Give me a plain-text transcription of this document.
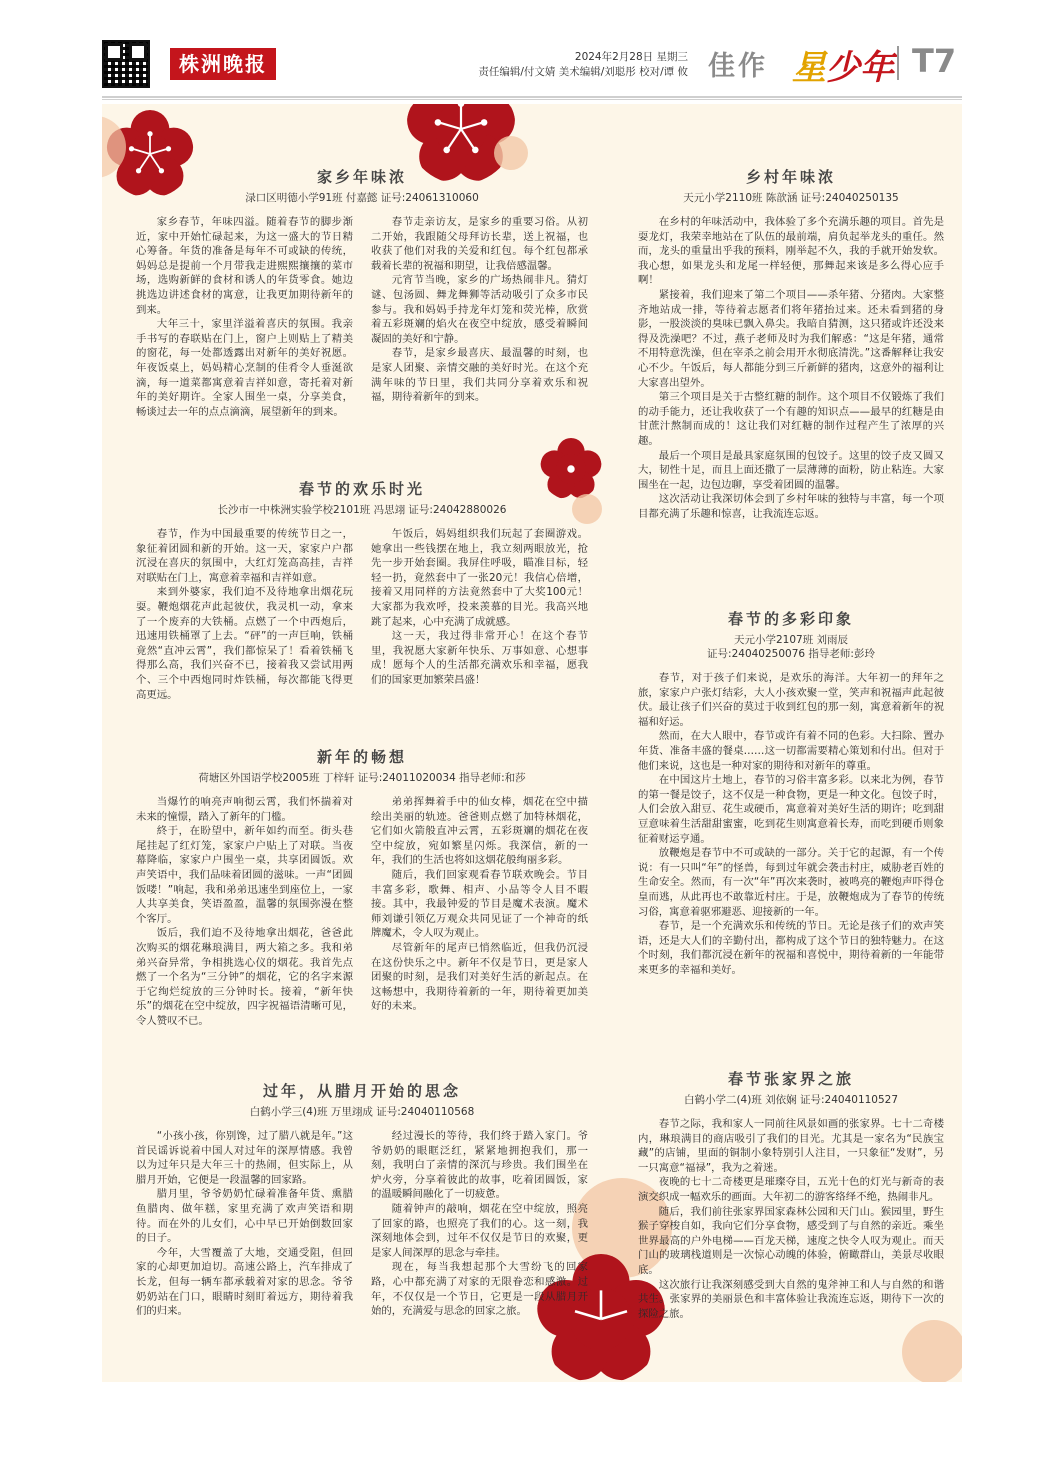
株洲晚报	2024年2月28日 星期三
责任编辑/付文婧 美术编辑/刘聪彤 校对/谭 攸 佳作 星少年 T7
家乡年味浓
渌口区明德小学91班 付嘉懿 证号:24061310060

家乡春节，年味四溢。随着春节的脚步渐近，家中开始忙碌起来，为这一盛大的节日精心筹备。年货的准备是每年不可或缺的传统，妈妈总是提前一个月带我走进熙熙攘攘的菜市场，选购新鲜的食材和诱人的年货零食。她边挑选边讲述食材的寓意，让我更加期待新年的到来。

大年三十，家里洋溢着喜庆的氛围。我亲手书写的春联贴在门上，窗户上则贴上了精美的窗花，每一处都透露出对新年的美好祝愿。年夜饭桌上，妈妈精心烹制的佳肴令人垂涎欲滴，每一道菜都寓意着吉祥如意，寄托着对新年的美好期许。全家人围坐一桌，分享美食，畅谈过去一年的点点滴滴，展望新年的到来。

春节走亲访友，是家乡的重要习俗。从初二开始，我跟随父母拜访长辈，送上祝福，也收获了他们对我的关爱和红包。每个红包都承载着长辈的祝福和期望，让我倍感温馨。

元宵节当晚，家乡的广场热闹非凡。猜灯谜、包汤圆、舞龙舞狮等活动吸引了众多市民参与。我和妈妈手持龙年灯笼和荧光棒，欣赏着五彩斑斓的焰火在夜空中绽放，感受着瞬间凝固的美好和宁静。

春节，是家乡最喜庆、最温馨的时刻，也是家人团聚、亲情交融的美好时光。在这个充满年味的节日里，我们共同分享着欢乐和祝福，期待着新年的到来。

春节的欢乐时光
长沙市一中株洲实验学校2101班 冯思翊 证号:24042880026

春节，作为中国最重要的传统节日之一，象征着团圆和新的开始。这一天，家家户户都沉浸在喜庆的氛围中，大红灯笼高高挂，吉祥对联贴在门上，寓意着幸福和吉祥如意。

来到外婆家，我们迫不及待地拿出烟花玩耍。鞭炮烟花声此起彼伏，我灵机一动，拿来了一个废弃的大铁桶。点燃了一个中西炮后，迅速用铁桶罩了上去。“砰”的一声巨响，铁桶竟然“直冲云霄”，我们都惊呆了！看着铁桶飞得那么高，我们兴奋不已，接着我又尝试用两个、三个中西炮同时炸铁桶，每次都能飞得更高更远。

午饭后，妈妈组织我们玩起了套圈游戏。她拿出一些钱摆在地上，我立刻两眼放光，抢先一步开始套圈。我屏住呼吸，瞄准目标，轻轻一扔，竟然套中了一张20元！我信心倍增，接着又用同样的方法竟然套中了大奖100元！大家都为我欢呼，投来羡慕的目光。我高兴地跳了起来，心中充满了成就感。

这一天，我过得非常开心！在这个春节里，我祝愿大家新年快乐、万事如意、心想事成！愿每个人的生活都充满欢乐和幸福，愿我们的国家更加繁荣昌盛！

新年的畅想
荷塘区外国语学校2005班 丁梓轩 证号:24011020034 指导老师:和莎

当爆竹的响亮声响彻云霄，我们怀揣着对未来的憧憬，踏入了新年的门槛。

終于，在盼望中，新年如约而至。街头巷尾挂起了红灯笼，家家户户贴上了对联。当夜幕降临，家家户户围坐一桌，共享团圆饭。欢声笑语中，我们品味着团圆的滋味。一声“团圆饭喽！”响起，我和弟弟迅速坐到座位上，一家人共享美食，笑语盈盈，温馨的氛围弥漫在整个客厅。

饭后，我们迫不及待地拿出烟花，爸爸此次购买的烟花琳琅满目，两大箱之多。我和弟弟兴奋异常，争相挑选心仪的烟花。我首先点燃了一个名为“三分钟”的烟花，它的名字来源于它绚烂绽放的三分钟时长。接着，“新年快乐”的烟花在空中绽放，四字祝福语清晰可见，令人赞叹不已。

弟弟挥舞着手中的仙女棒，烟花在空中描绘出美丽的轨迹。爸爸则点燃了加特林烟花，它们如火箭般直冲云霄，五彩斑斓的烟花在夜空中绽放，宛如繁星闪烁。我深信，新的一年，我们的生活也将如这烟花般绚丽多彩。

随后，我们回家观看春节联欢晚会。节目丰富多彩，歌舞、相声、小品等令人目不暇接。其中，我最钟爱的节目是魔术表演。魔术师刘谦引领亿万观众共同见证了一个神奇的纸牌魔术，令人叹为观止。

尽管新年的尾声已悄然临近，但我仍沉浸在这份快乐之中。新年不仅是节日，更是家人团聚的时刻，是我们对美好生活的新起点。在这畅想中，我期待着新的一年，期待着更加美好的未来。

过年，从腊月开始的思念
白鹤小学三(4)班 万里翊成 证号:24040110568

“小孩小孩，你别馋，过了腊八就是年。”这首民谣诉说着中国人对过年的深厚情感。我曾以为过年只是大年三十的热闹，但实际上，从腊月开始，它便是一段温馨的回家路。

腊月里，爷爷奶奶忙碌着准备年货、熏腊鱼腊肉、做年糕，家里充满了欢声笑语和期待。而在外的儿女们，心中早已开始倒数回家的日子。

今年，大雪覆盖了大地，交通受阻，但回家的心却更加迫切。高速公路上，汽车排成了长龙，但每一辆车都承载着对家的思念。爷爷奶奶站在门口，眼睛时刻盯着远方，期待着我们的归来。

经过漫长的等待，我们终于踏入家门。爷爷奶奶的眼眶泛红，紧紧地拥抱我们，那一刻，我明白了亲情的深沉与珍贵。我们围坐在炉火旁，分享着彼此的故事，吃着团圆饭，家的温暖瞬间融化了一切疲惫。

随着钟声的敲响，烟花在空中绽放，照亮了回家的路，也照亮了我们的心。这一刻，我深刻地体会到，过年不仅仅是节日的欢聚，更是家人间深厚的思念与牵挂。

现在，每当我想起那个大雪纷飞的回家路，心中都充满了对家的无限眷恋和感激。过年，不仅仅是一个节日，它更是一段从腊月开始的，充满爱与思念的回家之旅。

乡村年味浓
天元小学2110班 陈歆涵 证号:24040250135

在乡村的年味活动中，我体验了多个充满乐趣的项目。首先是耍龙灯，我荣幸地站在了队伍的最前端，肩负起举龙头的重任。然而，龙头的重量出乎我的预料，刚举起不久，我的手就开始发软。我心想，如果龙头和龙尾一样轻便，那舞起来该是多么得心应手啊！

紧接着，我们迎来了第二个项目——杀年猪、分猪肉。大家整齐地站成一排，等待着志愿者们将年猪抬过来。还未看到猪的身影，一股淡淡的臭味已飘入鼻尖。我暗自猜测，这只猪或许还没来得及洗澡吧？不过，燕子老师及时为我们解惑：“这是年猪，通常不用特意洗澡，但在宰杀之前会用开水彻底清洗。”这番解释让我安心不少。午饭后，每人都能分到三斤新鲜的猪肉，这意外的福利让大家喜出望外。

第三个项目是关于古整红糖的制作。这个项目不仅锻炼了我们的动手能力，还让我收获了一个有趣的知识点——最早的红糖是由甘蔗汁熬制而成的！这让我们对红糖的制作过程产生了浓厚的兴趣。

最后一个项目是最具家庭氛围的包饺子。这里的饺子皮又圆又大，韧性十足，而且上面还撒了一层薄薄的面粉，防止粘连。大家围坐在一起，边包边聊，享受着团圆的温馨。

这次活动让我深切体会到了乡村年味的独特与丰富，每一个项目都充满了乐趣和惊喜，让我流连忘返。

春节的多彩印象
天元小学2107班 刘雨辰
证号:24040250076 指导老师:彭玲

春节，对于孩子们来说，是欢乐的海洋。大年初一的拜年之旅，家家户户张灯结彩，大人小孩欢聚一堂，笑声和祝福声此起彼伏。最让孩子们兴奋的莫过于收到红包的那一刻，寓意着新年的祝福和好运。

然而，在大人眼中，春节或许有着不同的色彩。大扫除、置办年货、准备丰盛的餐桌……这一切都需要精心策划和付出。但对于他们来说，这也是一种对家的期待和对新年的尊重。

在中国这片土地上，春节的习俗丰富多彩。以来北为例，春节的第一餐是饺子，这不仅是一种食物，更是一种文化。包饺子时，人们会放入甜豆、花生或硬币，寓意着对美好生活的期许；吃到甜豆意味着生活甜甜蜜蜜，吃到花生则寓意着长寿，而吃到硬币则象征着财运亨通。

放鞭炮是春节中不可或缺的一部分。关于它的起源，有一个传说：有一只叫“年”的怪兽，每到过年就会袭击村庄，威胁老百姓的生命安全。然而，有一次“年”再次来袭时，被鸣亮的鞭炮声吓得仓皇而逃，从此再也不敢靠近村庄。于是，放鞭炮成为了春节的传统习俗，寓意着驱邪避恶、迎接新的一年。

春节，是一个充满欢乐和传统的节日。无论是孩子们的欢声笑语，还是大人们的辛勤付出，都构成了这个节日的独特魅力。在这个时刻，我们都沉浸在新年的祝福和喜悦中，期待着新的一年能带来更多的幸福和美好。

春节张家界之旅
白鹤小学二(4)班 刘依娴 证号:24040110527

春节之际，我和家人一同前往风景如画的张家界。七十二奇楼内，琳琅满目的商店吸引了我们的目光。尤其是一家名为“民族宝藏”的店铺，里面的铜制小象特别引人注目，一只象征“发财”，另一只寓意“福禄”，我为之着迷。

夜晚的七十二奇楼更是璀璨夺目，五光十色的灯光与新奇的表演交织成一幅欢乐的画面。大年初二的游客络绎不绝，热闹非凡。

随后，我们前往张家界国家森林公园和天门山。猴园里，野生猴子穿梭自如，我向它们分享食物，感受到了与自然的亲近。乘坐世界最高的户外电梯——百龙天梯，速度之快令人叹为观止。而天门山的玻璃栈道则是一次惊心动魄的体验，俯瞰群山，美景尽收眼底。

这次旅行让我深刻感受到大自然的鬼斧神工和人与自然的和谐共生。张家界的美丽景色和丰富体验让我流连忘返，期待下一次的探险之旅。
